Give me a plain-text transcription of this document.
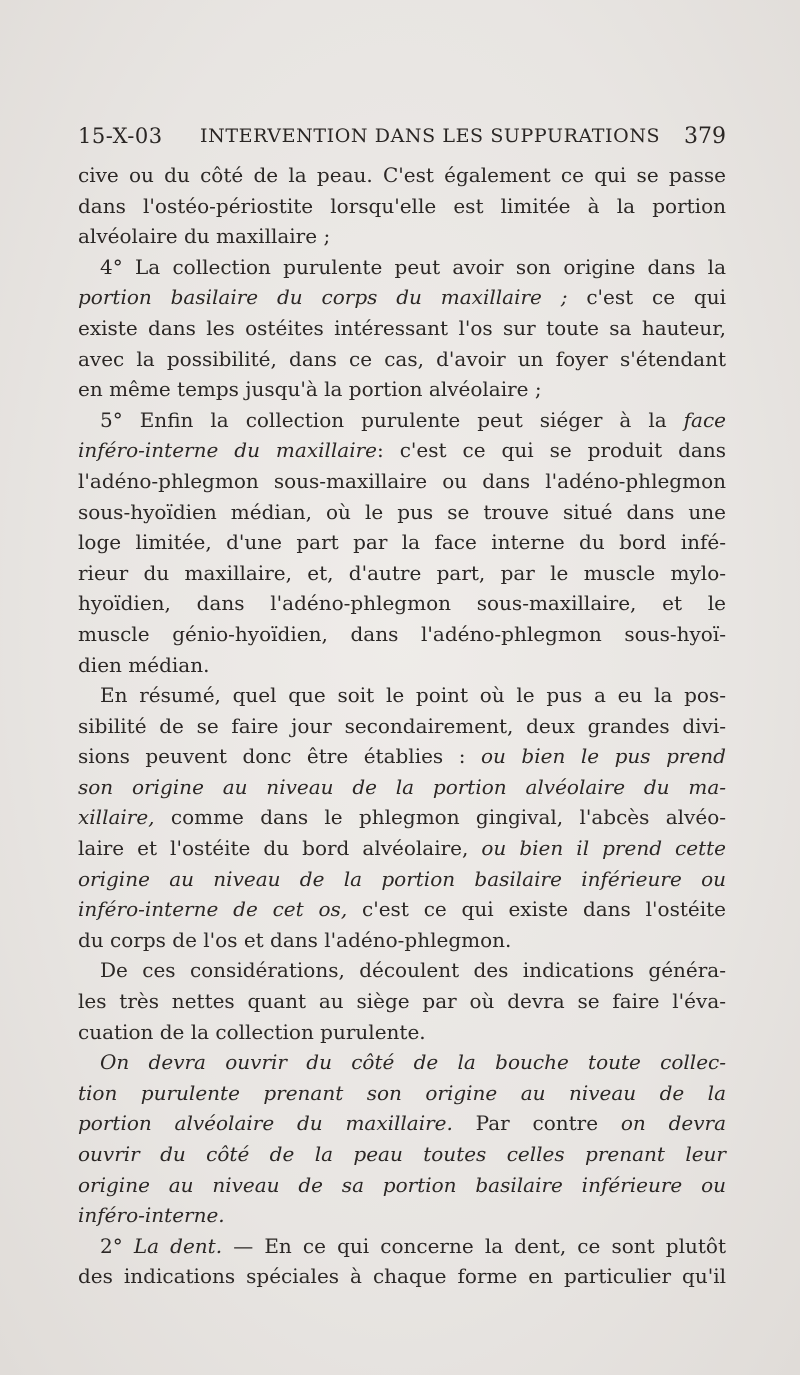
15-X-03 INTERVENTION DANS LES SUPPURATIONS 379
cive ou du côté de la peau. C'est également ce qui se passe
dans l'ostéo-périostite lorsqu'elle est limitée à la portion
alvéolaire du maxillaire ;
4° La collection purulente peut avoir son origine dans la
portion basilaire du corps du maxillaire ; c'est ce qui
existe dans les ostéites intéressant l'os sur toute sa hauteur,
avec la possibilité, dans ce cas, d'avoir un foyer s'étendant
en même temps jusqu'à la portion alvéolaire ;
5° Enfin la collection purulente peut siéger à la face
inféro-interne du maxillaire: c'est ce qui se produit dans
l'adéno-phlegmon sous-maxillaire ou dans l'adéno-phlegmon
sous-hyoïdien médian, où le pus se trouve situé dans une
loge limitée, d'une part par la face interne du bord infé-
rieur du maxillaire, et, d'autre part, par le muscle mylo-
hyoïdien, dans l'adéno-phlegmon sous-maxillaire, et le
muscle génio-hyoïdien, dans l'adéno-phlegmon sous-hyoï-
dien médian.
En résumé, quel que soit le point où le pus a eu la pos-
sibilité de se faire jour secondairement, deux grandes divi-
sions peuvent donc être établies : ou bien le pus prend
son origine au niveau de la portion alvéolaire du ma-
xillaire, comme dans le phlegmon gingival, l'abcès alvéo-
laire et l'ostéite du bord alvéolaire, ou bien il prend cette
origine au niveau de la portion basilaire inférieure ou
inféro-interne de cet os, c'est ce qui existe dans l'ostéite
du corps de l'os et dans l'adéno-phlegmon.
De ces considérations, découlent des indications généra-
les très nettes quant au siège par où devra se faire l'éva-
cuation de la collection purulente.
On devra ouvrir du côté de la bouche toute collec-
tion purulente prenant son origine au niveau de la
portion alvéolaire du maxillaire. Par contre on devra
ouvrir du côté de la peau toutes celles prenant leur
origine au niveau de sa portion basilaire inférieure ou
inféro-interne.
2° La dent. — En ce qui concerne la dent, ce sont plutôt
des indications spéciales à chaque forme en particulier qu'il
